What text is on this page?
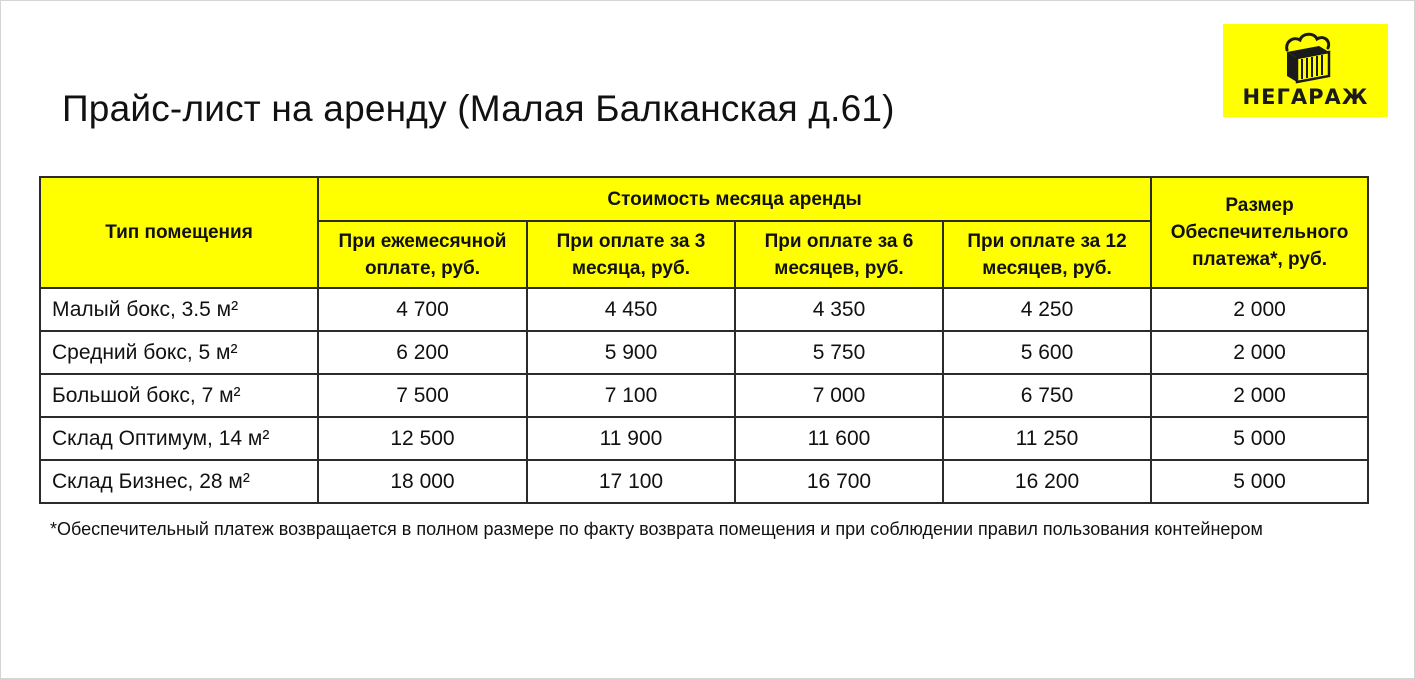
Прайс-лист на аренду (Малая Балканская д.61)	НЕГАРАЖ
Тип помещения	Стоимость месяца аренды				Размер Обеспечительного платежа*, руб.
	При ежемесячной оплате, руб.	При оплате за 3 месяца, руб.	При оплате за 6 месяцев, руб.	При оплате за 12 месяцев, руб.	
Малый бокс, 3.5 м²	4 700	4 450	4 350	4 250	2 000
Средний бокс, 5 м²	6 200	5 900	5 750	5 600	2 000
Большой бокс, 7 м²	7 500	7 100	7 000	6 750	2 000
Склад Оптимум, 14 м²	12 500	11 900	11 600	11 250	5 000
Склад Бизнес, 28 м²	18 000	17 100	16 700	16 200	5 000
*Обеспечительный платеж возвращается в полном размере по факту возврата помещения и при соблюдении правил пользования контейнером
